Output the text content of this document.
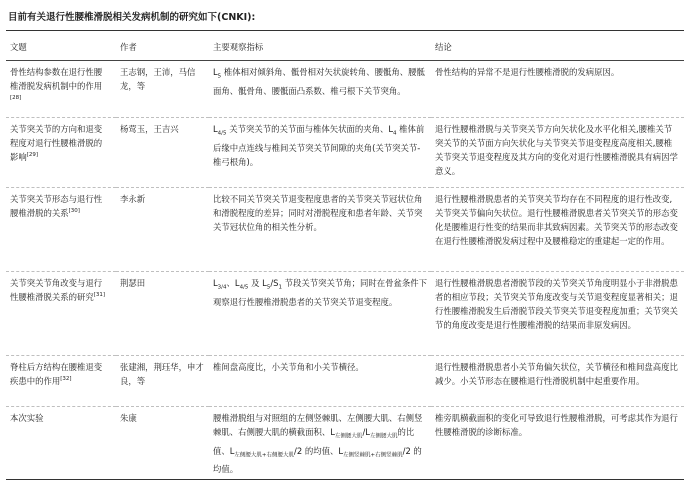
目前有关退行性腰椎滑脱相关发病机制的研究如下(CNKI):
文题	作者	主要观察指标	结论
骨性结构参数在退行性腰椎滑脱发病机制中的作用[28]	王志钢，王沛，马信龙，等	$L_5$ 椎体相对倾斜角、骶骨相对矢状旋转角、腰骶角、腰骶面角、骶骨角、腰骶面凸系数、椎弓根下关节突角。	骨性结构的异常不是退行性腰椎滑脱的发病原因。
关节突关节的方向和退变程度对退行性腰椎滑脱的影响[29]	杨莺玉，王吉兴	$L_{4/5}$ 关节突关节的关节面与椎体矢状面的夹角、$L_4$ 椎体前后缘中点连线与椎间关节突关节间隙的夹角(关节突关节-椎弓根角)。	退行性腰椎滑脱与关节突关节方向矢状化及水平化相关,腰椎关节突关节的关节面方向矢状化与关节突关节退变程度高度相关,腰椎关节突关节退变程度及其方向的变化对退行性腰椎滑脱具有病因学意义。
关节突关节形态与退行性腰椎滑脱的关系[30]	李永新	比较不同关节突关节退变程度患者的关节突关节冠状位角和滑脱程度的差异；同时对滑脱程度和患者年龄、关节突关节冠状位角的相关性分析。	退行性腰椎滑脱患者的关节突关节均存在不同程度的退行性改变,关节突关节偏向矢状位。退行性腰椎滑脱患者关节突关节的形态变化是腰椎退行性变的结果而非其致病因素。关节突关节的形态改变在退行性腰椎滑脱发病过程中及腰椎稳定的重建起一定的作用。
关节突关节角改变与退行性腰椎滑脱关系的研究[31]	荆瑟田	$L_{3/4}$、$L_{4/5}$ 及 $L_5/S_1$ 节段关节突关节角；同时在骨盆条件下观察退行性腰椎滑脱患者的关节突关节退变程度。	退行性腰椎滑脱患者滑脱节段的关节突关节角度明显小于非滑脱患者的相应节段；关节突关节角度改变与关节退变程度显著相关；退行性腰椎滑脱发生后滑脱节段关节突关节退变程度加重；关节突关节的角度改变是退行性腰椎滑脱的结果而非原发病因。
脊柱后方结构在腰椎退变疾患中的作用[32]	张建湘，荆珏华，申才良，等	椎间盘高度比，小关节角和小关节横径。	退行性腰椎滑脱患者小关节角偏矢状位，关节横径和椎间盘高度比减少。小关节形态在腰椎退行性滑脱机制中起重要作用。
本次实验	朱康	腰椎滑脱组与对照组的左侧竖棘肌、左侧腰大肌、右侧竖棘肌、右侧腰大肌的横截面积、$L_{左侧腰大肌}/L_{左侧腰大肌}$的比值、$L_{左侧腰大肌+右侧腰大肌}/2$ 的均值、$L_{左侧竖棘肌+右侧竖棘肌}/2$ 的均值。	椎旁肌横截面积的变化可导致退行性腰椎滑脱，可考虑其作为退行性腰椎滑脱的诊断标准。
